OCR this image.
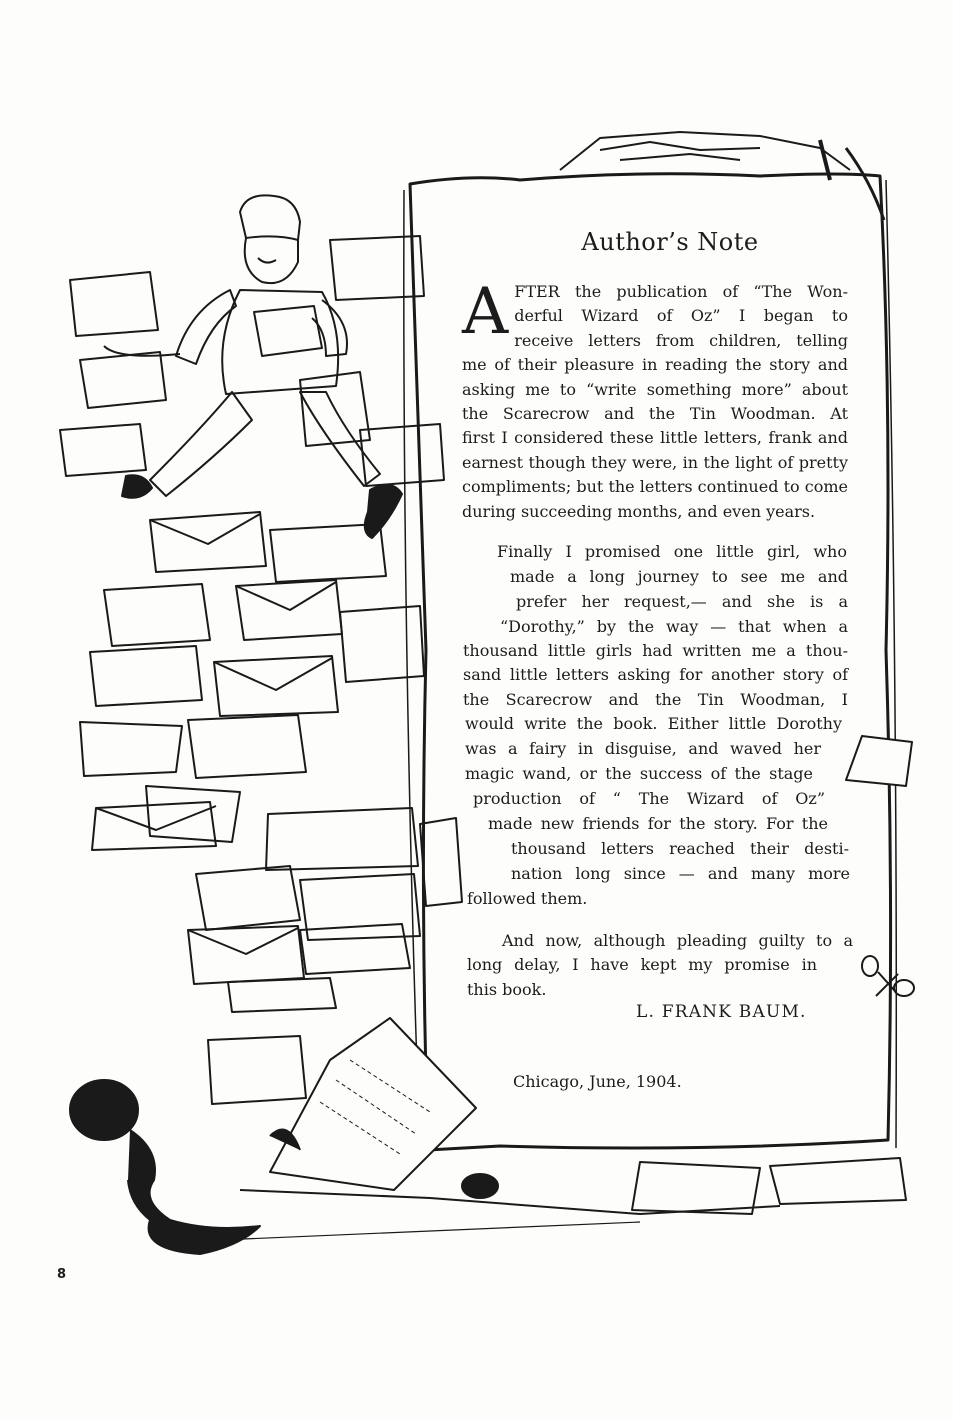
Author’s Note
A FTER the publication of “The Won-
derful Wizard of Oz” I began to
receive letters from children, telling
me of their pleasure in reading the story and
asking me to “write something more” about
the Scarecrow and the Tin Woodman. At
first I considered these little letters, frank and
earnest though they were, in the light of pretty
compliments; but the letters continued to come
during succeeding months, and even years.
Finally I promised one little girl, who
made a long journey to see me and
prefer her request,— and she is a
“Dorothy,” by the way — that when a
thousand little girls had written me a thou-
sand little letters asking for another story of
the Scarecrow and the Tin Woodman, I
would write the book. Either little Dorothy
was a fairy in disguise, and waved her
magic wand, or the success of the stage
production of “ The Wizard of Oz”
made new friends for the story. For the
thousand letters reached their desti-
nation long since — and many more
followed them.
And now, although pleading guilty to a
long delay, I have kept my promise in
this book.
L. FRANK BAUM.
Chicago, June, 1904.
8
